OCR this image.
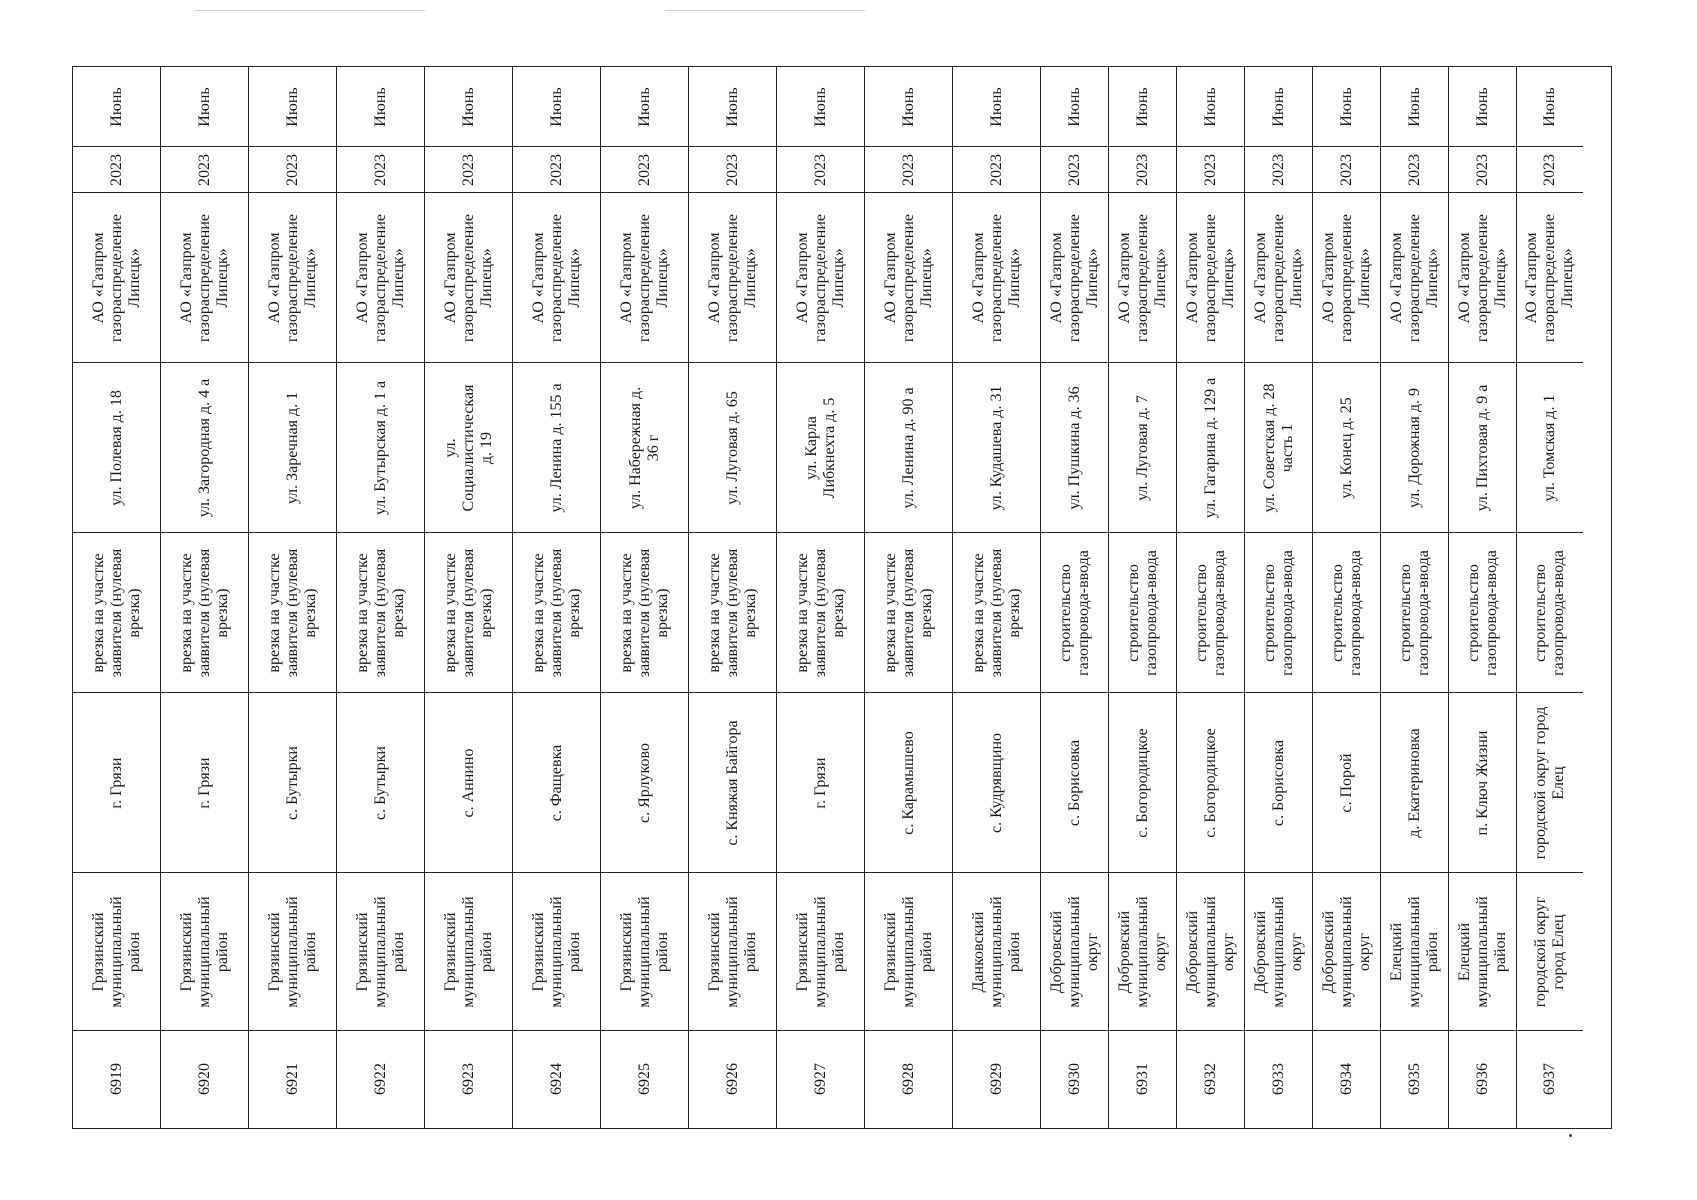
Июнь
2023
АО «Газпром
газораспределение
Липецк»
ул. Полевая д. 18
врезка на участке
заявителя (нулевая
врезка)
г. Грязи
Грязинский
муниципальный
район
6919
Июнь
2023
АО «Газпром
газораспределение
Липецк»
ул. Загородная д. 4 а
врезка на участке
заявителя (нулевая
врезка)
г. Грязи
Грязинский
муниципальный
район
6920
Июнь
2023
АО «Газпром
газораспределение
Липецк»
ул. Заречная д. 1
врезка на участке
заявителя (нулевая
врезка)
с. Бутырки
Грязинский
муниципальный
район
6921
Июнь
2023
АО «Газпром
газораспределение
Липецк»
ул. Бутырская д. 1 а
врезка на участке
заявителя (нулевая
врезка)
с. Бутырки
Грязинский
муниципальный
район
6922
Июнь
2023
АО «Газпром
газораспределение
Липецк»
ул.
Социалистическая
д. 19
врезка на участке
заявителя (нулевая
врезка)
с. Аннино
Грязинский
муниципальный
район
6923
Июнь
2023
АО «Газпром
газораспределение
Липецк»
ул. Ленина д. 155 а
врезка на участке
заявителя (нулевая
врезка)
с. Фащевка
Грязинский
муниципальный
район
6924
Июнь
2023
АО «Газпром
газораспределение
Липецк»
ул. Набережная д.
36 г
врезка на участке
заявителя (нулевая
врезка)
с. Ярлуково
Грязинский
муниципальный
район
6925
Июнь
2023
АО «Газпром
газораспределение
Липецк»
ул. Луговая д. 65
врезка на участке
заявителя (нулевая
врезка)
с. Княжая Байгора
Грязинский
муниципальный
район
6926
Июнь
2023
АО «Газпром
газораспределение
Липецк»
ул. Карла
Либкнехта д. 5
врезка на участке
заявителя (нулевая
врезка)
г. Грязи
Грязинский
муниципальный
район
6927
Июнь
2023
АО «Газпром
газораспределение
Липецк»
ул. Ленина д. 90 а
врезка на участке
заявителя (нулевая
врезка)
с. Карамышево
Грязинский
муниципальный
район
6928
Июнь
2023
АО «Газпром
газораспределение
Липецк»
ул. Кудашева д. 31
врезка на участке
заявителя (нулевая
врезка)
с. Кудрявщино
Данковский
муниципальный
район
6929
Июнь
2023
АО «Газпром
газораспределение
Липецк»
ул. Пушкина д. 36
строительство
газопровода-ввода
с. Борисовка
Добровский
муниципальный
округ
6930
Июнь
2023
АО «Газпром
газораспределение
Липецк»
ул. Луговая д. 7
строительство
газопровода-ввода
с. Богородицкое
Добровский
муниципальный
округ
6931
Июнь
2023
АО «Газпром
газораспределение
Липецк»
ул. Гагарина д. 129 а
строительство
газопровода-ввода
с. Богородицкое
Добровский
муниципальный
округ
6932
Июнь
2023
АО «Газпром
газораспределение
Липецк»
ул. Советская д. 28
часть 1
строительство
газопровода-ввода
с. Борисовка
Добровский
муниципальный
округ
6933
Июнь
2023
АО «Газпром
газораспределение
Липецк»
ул. Конец д. 25
строительство
газопровода-ввода
с. Порой
Добровский
муниципальный
округ
6934
Июнь
2023
АО «Газпром
газораспределение
Липецк»
ул. Дорожная д. 9
строительство
газопровода-ввода
д. Екатериновка
Елецкий
муниципальный
район
6935
Июнь
2023
АО «Газпром
газораспределение
Липецк»
ул. Пихтовая д. 9 а
строительство
газопровода-ввода
п. Ключ Жизни
Елецкий
муниципальный
район
6936
Июнь
2023
АО «Газпром
газораспределение
Липецк»
ул. Томская д. 1
строительство
газопровода-ввода
городской округ город
Елец
городской округ
город Елец
6937
